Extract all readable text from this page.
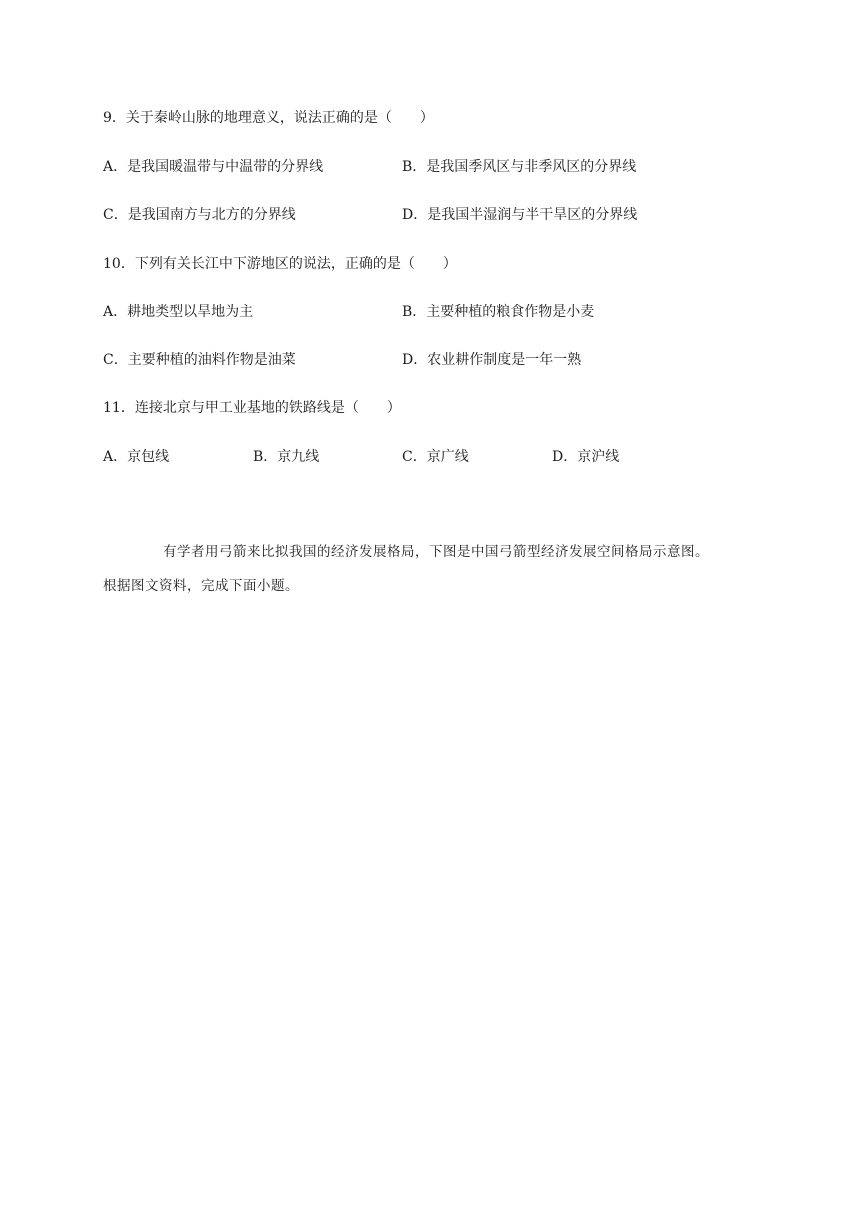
9．关于秦岭山脉的地理意义，说法正确的是（　　）
A．是我国暖温带与中温带的分界线	B．是我国季风区与非季风区的分界线
C．是我国南方与北方的分界线	D．是我国半湿润与半干旱区的分界线
10．下列有关长江中下游地区的说法，正确的是（　　）
A．耕地类型以旱地为主	B．主要种植的粮食作物是小麦
C．主要种植的油料作物是油菜	D．农业耕作制度是一年一熟
11．连接北京与甲工业基地的铁路线是（　　）
A．京包线	B．京九线	C．京广线	D．京沪线
有学者用弓箭来比拟我国的经济发展格局，下图是中国弓箭型经济发展空间格局示意图。
根据图文资料，完成下面小题。
